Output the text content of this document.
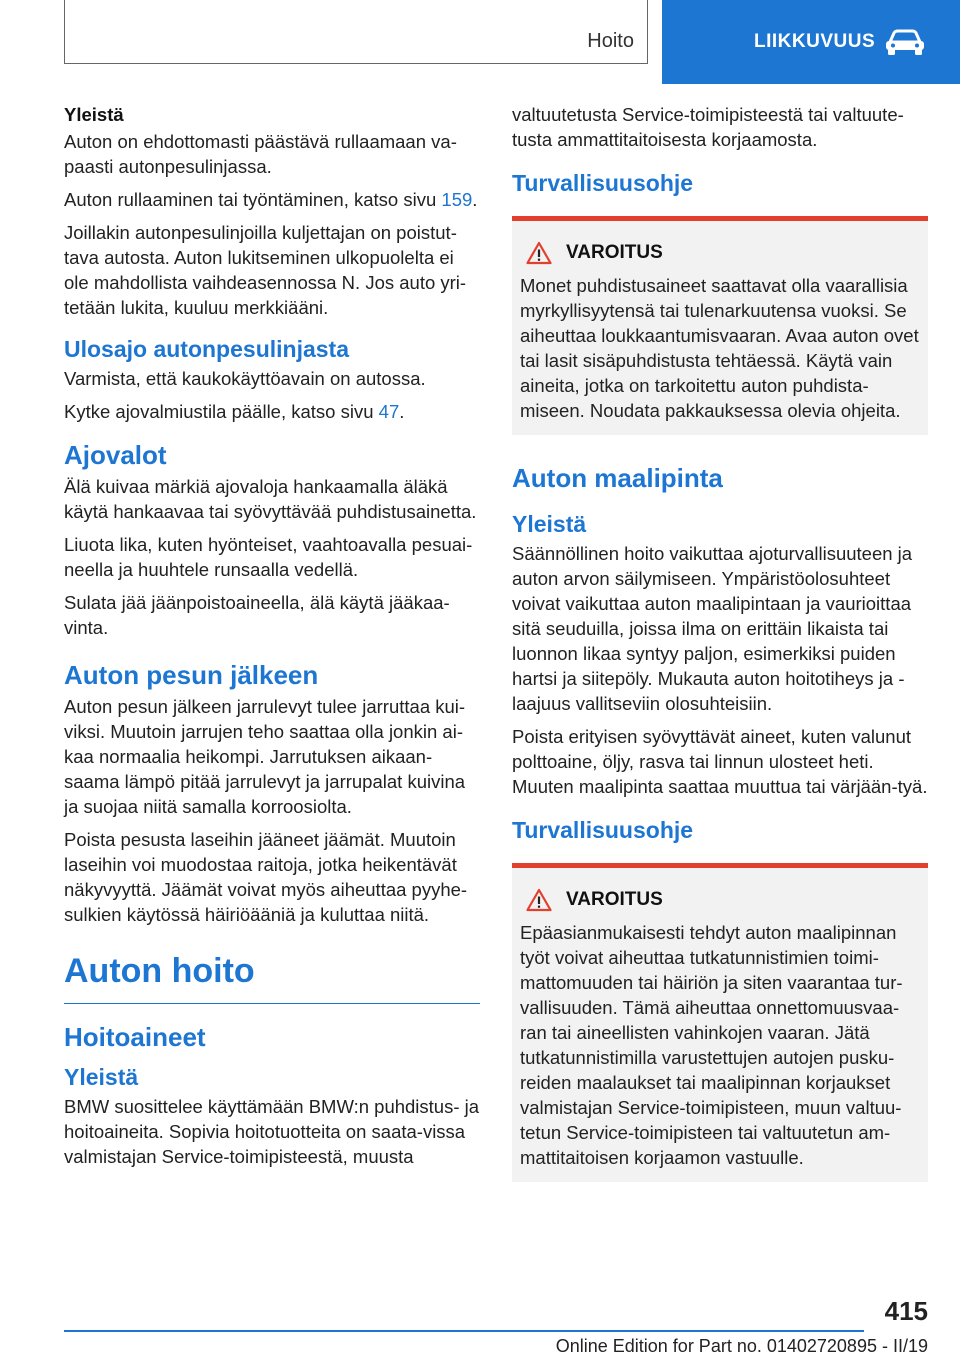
Hoito	LIIKKUVUUS
Yleistä

Auton on ehdottomasti päästävä rullaamaan va-paasti autonpesulinjassa.

Auton rullaaminen tai työntäminen, katso sivu 159.

Joillakin autonpesulinjoilla kuljettajan on poistut-tava autosta. Auton lukitseminen ulkopuolelta ei ole mahdollista vaihdeasennossa N. Jos auto yri-tetään lukita, kuuluu merkkiääni.

Ulosajo autonpesulinjasta

Varmista, että kaukokäyttöavain on autossa.

Kytke ajovalmiustila päälle, katso sivu 47.

Ajovalot

Älä kuivaa märkiä ajovaloja hankaamalla äläkä käytä hankaavaa tai syövyttävää puhdistusainetta.

Liuota lika, kuten hyönteiset, vaahtoavalla pesuai-neella ja huuhtele runsaalla vedellä.

Sulata jää jäänpoistoaineella, älä käytä jääkaa-vinta.

Auton pesun jälkeen

Auton pesun jälkeen jarrulevyt tulee jarruttaa kui-viksi. Muutoin jarrujen teho saattaa olla jonkin ai-kaa normaalia heikompi. Jarrutuksen aikaan-saama lämpö pitää jarrulevyt ja jarrupalat kuivina ja suojaa niitä samalla korroosiolta.

Poista pesusta laseihin jääneet jäämät. Muutoin laseihin voi muodostaa raitoja, jotka heikentävät näkyvyyttä. Jäämät voivat myös aiheuttaa pyyhe-sulkien käytössä häiriöääniä ja kuluttaa niitä.

Auton hoito
Hoitoaineet
Yleistä

BMW suosittelee käyttämään BMW:n puhdistus- ja hoitoaineita. Sopivia hoitotuotteita on saata-vissa valmistajan Service-toimipisteestä, muusta

valtuutetusta Service-toimipisteestä tai valtuute-tusta ammattitaitoisesta korjaamosta.

Turvallisuusohje
VAROITUS

Monet puhdistusaineet saattavat olla vaarallisia myrkyllisyytensä tai tulenarkuutensa vuoksi. Se aiheuttaa loukkaantumisvaaran. Avaa auton ovet tai lasit sisäpuhdistusta tehtäessä. Käytä vain aineita, jotka on tarkoitettu auton puhdista-miseen. Noudata pakkauksessa olevia ohjeita.

Auton maalipinta
Yleistä

Säännöllinen hoito vaikuttaa ajoturvallisuuteen ja auton arvon säilymiseen. Ympäristöolosuhteet voivat vaikuttaa auton maalipintaan ja vaurioittaa sitä seuduilla, joissa ilma on erittäin likaista tai luonnon likaa syntyy paljon, esimerkiksi puiden hartsi ja siitepöly. Mukauta auton hoitotiheys ja -laajuus vallitseviin olosuhteisiin.

Poista erityisen syövyttävät aineet, kuten valunut polttoaine, öljy, rasva tai linnun ulosteet heti. Muuten maalipinta saattaa muuttua tai värjään-tyä.

Turvallisuusohje
VAROITUS

Epäasianmukaisesti tehdyt auton maalipinnan työt voivat aiheuttaa tutkatunnistimien toimi-mattomuuden tai häiriön ja siten vaarantaa tur-vallisuuden. Tämä aiheuttaa onnettomuusvaa-ran tai aineellisten vahinkojen vaaran. Jätä tutkatunnistimilla varustettujen autojen pusku-reiden maalaukset tai maalipinnan korjaukset valmistajan Service-toimipisteen, muun valtuu-tetun Service-toimipisteen tai valtuutetun am-mattitaitoisen korjaamon vastuulle.

415
Online Edition for Part no. 01402720895 - II/19
